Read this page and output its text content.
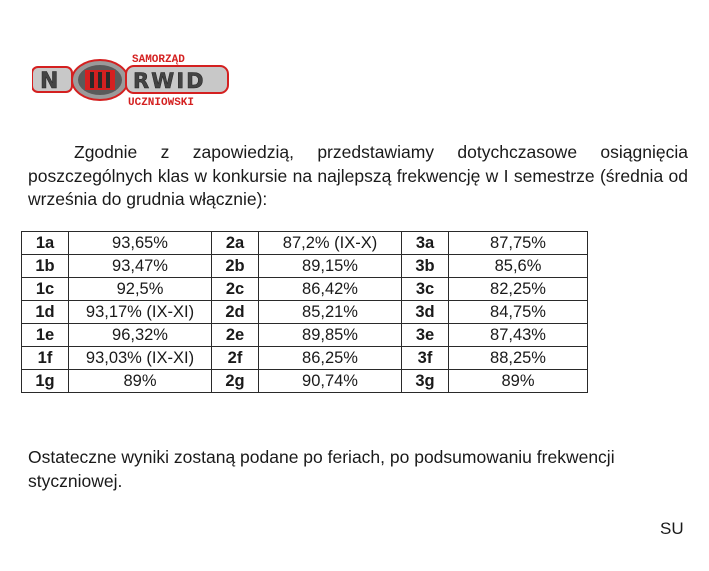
SAMORZĄD
N	RWID
UCZNIOWSKI

Zgodnie z zapowiedzią, przedstawiamy dotychczasowe osiągnięcia poszczególnych klas w konkursie na najlepszą frekwencję w I semestrze (średnia od września do grudnia włącznie):

1a	93,65%	2a	87,2% (IX-X)	3a	87,75%
1b	93,47%	2b	89,15%	3b	85,6%
1c	92,5%	2c	86,42%	3c	82,25%
1d	93,17% (IX-XI)	2d	85,21%	3d	84,75%
1e	96,32%	2e	89,85%	3e	87,43%
1f	93,03% (IX-XI)	2f	86,25%	3f	88,25%
1g	89%	2g	90,74%	3g	89%

Ostateczne wyniki zostaną podane po feriach, po podsumowaniu frekwencji styczniowej.

SU
